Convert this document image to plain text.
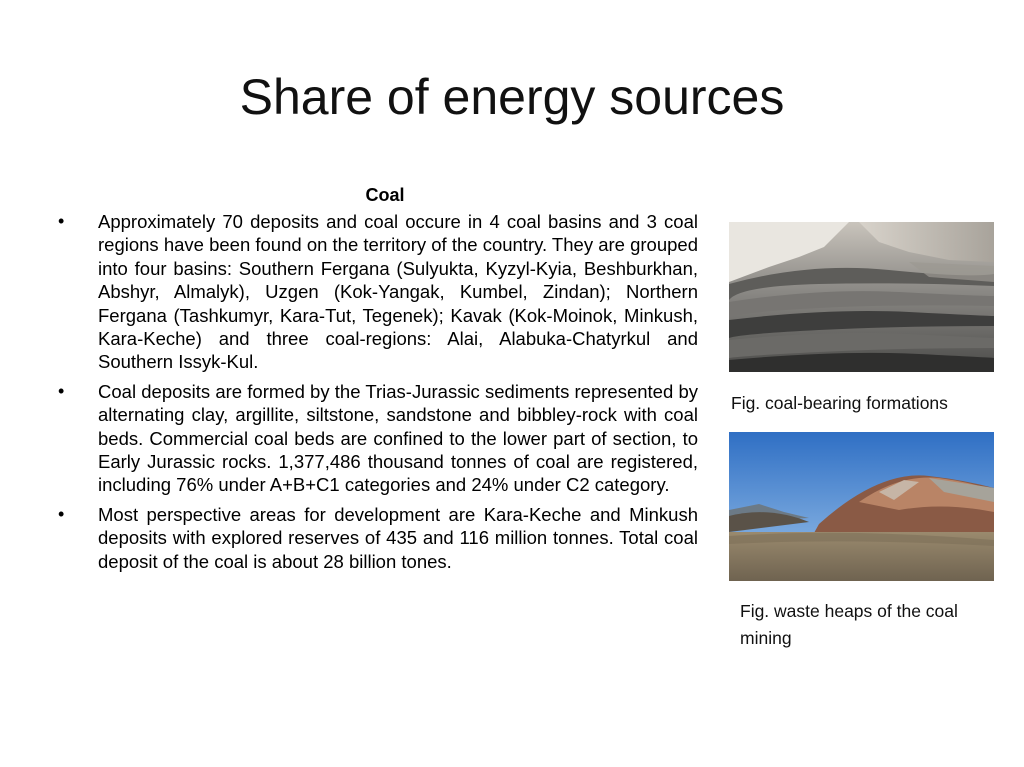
Share of energy sources
Coal
•	Approximately 70 deposits and coal occure in 4 coal basins and 3 coal regions have been found on the territory of the country. They are grouped into four basins: Southern Fergana (Sulyukta, Kyzyl-Kyia, Beshburkhan, Abshyr, Almalyk), Uzgen (Kok-Yangak, Kumbel, Zindan); Northern Fergana (Tashkumyr, Kara-Tut, Tegenek); Kavak (Kok-Moinok, Minkush, Kara-Keche) and three coal-regions: Alai, Alabuka-Chatyrkul and Southern Issyk-Kul.
•	Coal deposits are formed by the Trias-Jurassic sediments represented by alternating clay, argillite, siltstone, sandstone and bibbley-rock with coal beds. Commercial coal beds are confined to the lower part of section, to Early Jurassic rocks. 1,377,486 thousand tonnes of coal are registered, including 76% under A+B+C1 categories and 24% under C2 category.
•	Most perspective areas for development are Kara-Keche and Minkush deposits with explored reserves of 435 and 116 million tonnes. Total coal deposit of the coal is about 28 billion tones.
Fig. coal-bearing formations
Fig. waste heaps of the coal mining
